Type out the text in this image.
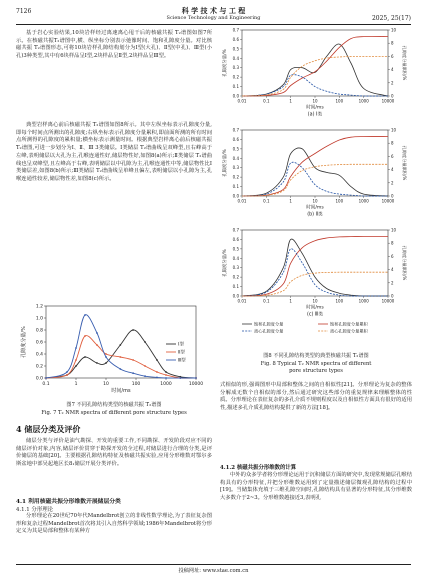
7126	科 学 技 术 与 工 程
Science Technology and Engineering	2025, 25(17)

基于岩心实验结果,10块岩样经过离速离心甩干后的核磁共振 T₂谱图如图7所示。在核磁共振T₂谱图中,横、纵坐标分别表示弛豫时间、饱和孔隙度分量。对比核磁共振 T₂谱图形态,可将10块岩样孔隙结构划分为Ⅰ型(大孔)、Ⅱ型(中孔)、Ⅲ型(小孔)3种类型,其中有6块样品呈Ⅰ型,2块样品呈Ⅱ型,2块样品呈Ⅲ型。

典型岩样离心前后核磁共振 T₂谱图如图8所示。其中左纵坐标表示孔隙度分量,即每个时间点所测出的孔隙度;右纵坐标表示孔隙度分量累积,即前面所测的所有时间点所测得的孔隙度的累积量;横坐标表示测量时间。根据典型岩样离心前后核磁共振 T₂谱图,可进一步划分为Ⅰ、Ⅱ、Ⅲ 3类储层。Ⅰ类储层 T₂谱曲线呈双峰型,且右峰高于左峰,表明储层以大孔为主,孔喉连通性好,储层物性好,如图8(a)所示;Ⅱ类储层 T₂谱曲线也呈双峰型,且左峰高于右峰,表明储层以中孔隙为主,孔喉连通性中等,储层物性比Ⅰ类储层差,如图8(b)所示;Ⅲ类储层 T₂谱曲线呈单峰且偏左,表明储层以小孔隙为主,孔喉连通性较差,储层物性差,如图8(c)所示。

0.0
0.2
0.4
0.6
0.8
1.0
1.2
0.1	1	10	100	1000	10000
时间/ms
孔隙度分量/%	Ⅰ型
Ⅱ型
Ⅲ型

图7 不同孔隙结构类型的核磁共振 T₂谱图

Fig. 7 T₂ NMR spectra of different pore structure types

4 储层分类及评价

储层分类与评价是油气勘探、开发的重要工作,不同勘探、开发阶段对应不同的储层评价对象,内容,储层评价贯穿于勘探开发的全过程,对储层进行合理的分类,是评价储层的基础[20]。主要根据孔隙结构特征及核磁共振实验,应用分形维数对鄂尔多斯盆地中部吴起地区长8₁储层开展分类评价。

4.1 利用核磁共振分形维数开展储层分类
4.1.1 分形理论

分形理论在20世纪70年代Mandelbrot创立的非线性数学理论,为了表征复杂图形和复杂过程Mandelbrot首次将其引入自然科学领域;1986年Mandelbrot将分形定义为其是局部和整体有某种方

0.0
0.1
0.2
0.3
0.4
0.5
0.6
0.7
0
2
4
6
8
10
0.01	0.1	1	10	100	1000	10000
时间/ms
(a) Ⅰ类
孔隙度分量/%	孔隙度分量累积/%
0.0
0.1
0.2
0.3
0.4
0.5
0.6
0.7
0
2
4
6
8
10
0.01	0.1	1	10	100	1000	10000
时间/ms
(b) Ⅱ类
孔隙度分量/%	孔隙度分量累积/%
0.0
0.1
0.2
0.3
0.4
0.5
0.6
0.7
0
2
4
6
8
10
0.01	0.1	1	10	100	1000	10000
时间/ms
(c) Ⅲ类
孔隙度分量/%	孔隙度分量累积/%
饱和孔隙度分量	饱和孔隙度分量累积
离心孔隙度分量	离心孔隙度分量累积

图8 不同孔隙结构类型的典型核磁共振 T₂谱图

Fig. 8 Typical T₂ NMR spectra of different

pore structure types

式相似的形,强调图形中局部和整体之间的自相似性[21]。分形理论为复杂的整体分解成无数个自相似的部分,然后通过研究这些部分的重复规律来理解整体的性质。分形理论在表征复杂的多孔介质不规则程度以及自相似性方面具有很好的适用性,描述多孔介质孔隙结构提供了新的方法[18]。

4.1.2 核磁共振分形维数的计算

中外的众多学者将分形理论运用于沉积储层方面的研究中,发现常规储层孔喉结构具有的分形特征,并把分形维数运用到了定量描述储层微观孔隙结构的过程中[19]。当储集体充填于三维孔隙空间时,孔隙结构具有显著的分形特征,其分形维数大多数介于2~3。分形维数越接近3,表明孔

投稿网址: www.stae.com.cn
